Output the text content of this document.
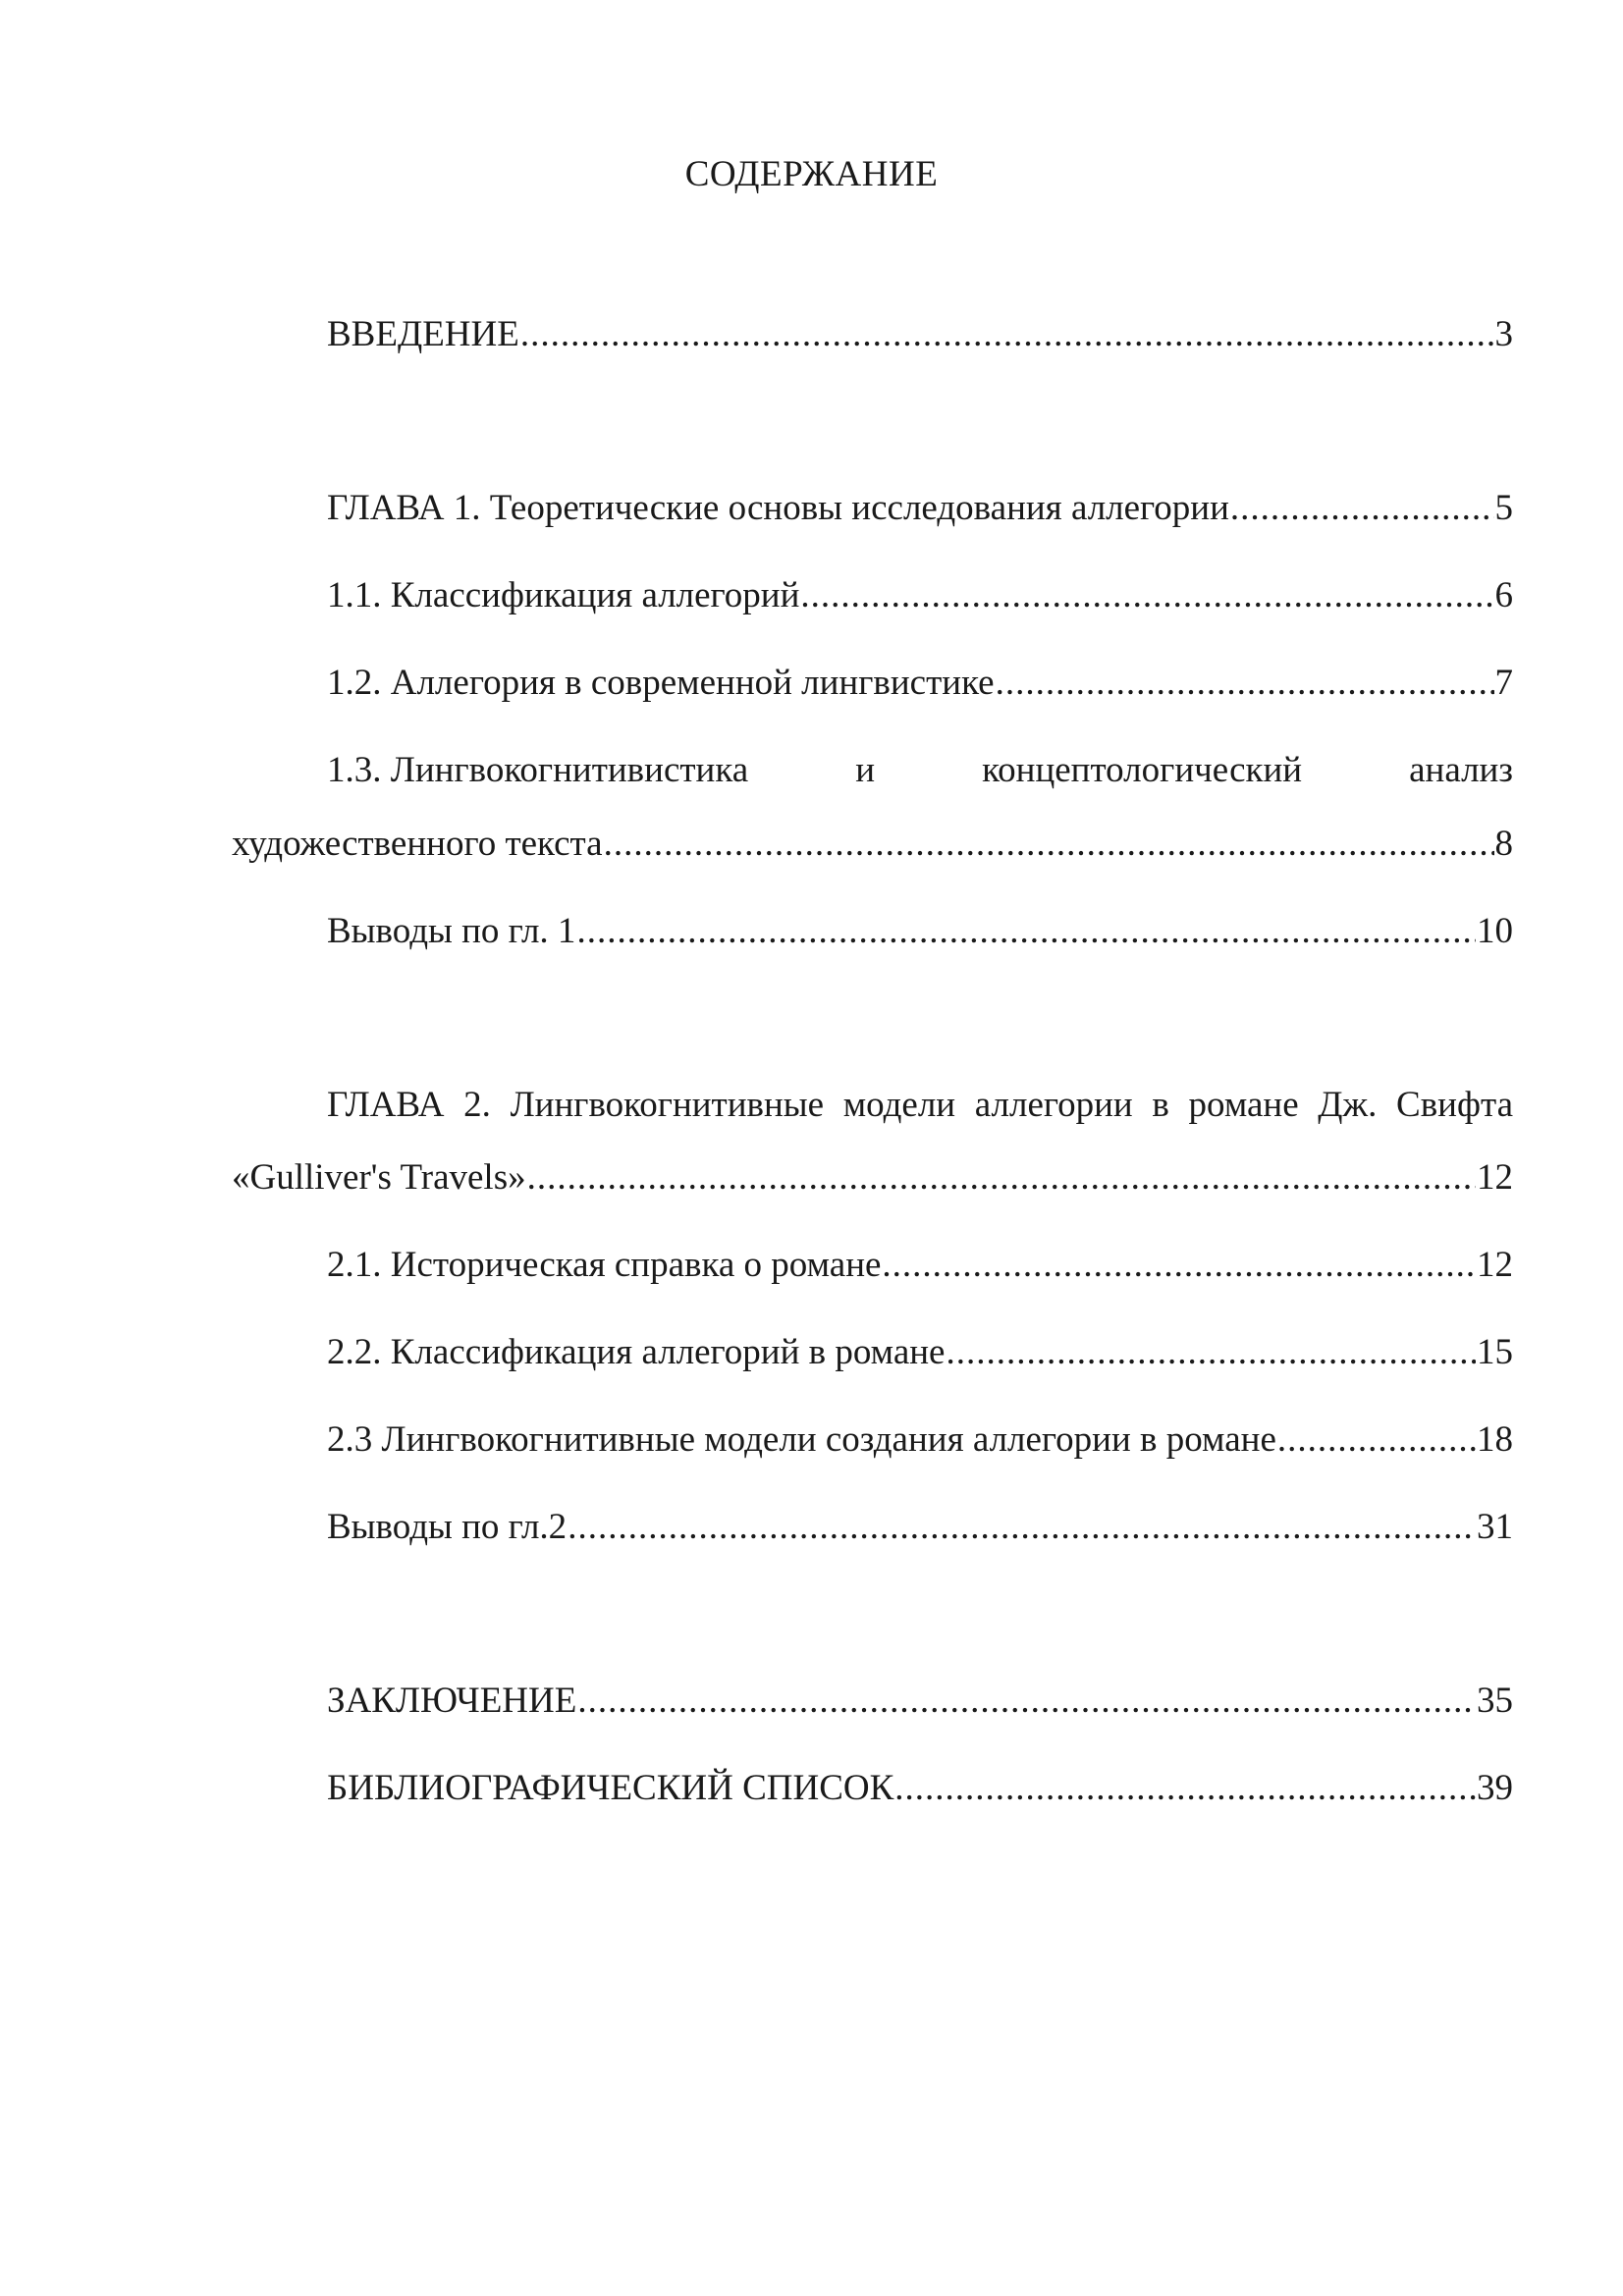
СОДЕРЖАНИЕ
ВВЕДЕНИЕ .....	3
ГЛАВА 1. Теоретические основы исследования аллегории .....	5
1.1. Классификация аллегорий .....	6
1.2. Аллегория в современной лингвистике .....	7
1.3. Лингвокогнитивистика	и	концептологический	анализ
художественного текста .....	8
Выводы по гл. 1 .....	10
ГЛАВА 2. Лингвокогнитивные модели аллегории в романе Дж. Свифта
«Gulliver's Travels» .....	12
2.1. Историческая справка о романе .....	12
2.2. Классификация аллегорий в романе .....	15
2.3 Лингвокогнитивные модели создания аллегории в романе .....	18
Выводы по гл.2 .....	31
ЗАКЛЮЧЕНИЕ .....	35
БИБЛИОГРАФИЧЕСКИЙ СПИСОК .....	39
